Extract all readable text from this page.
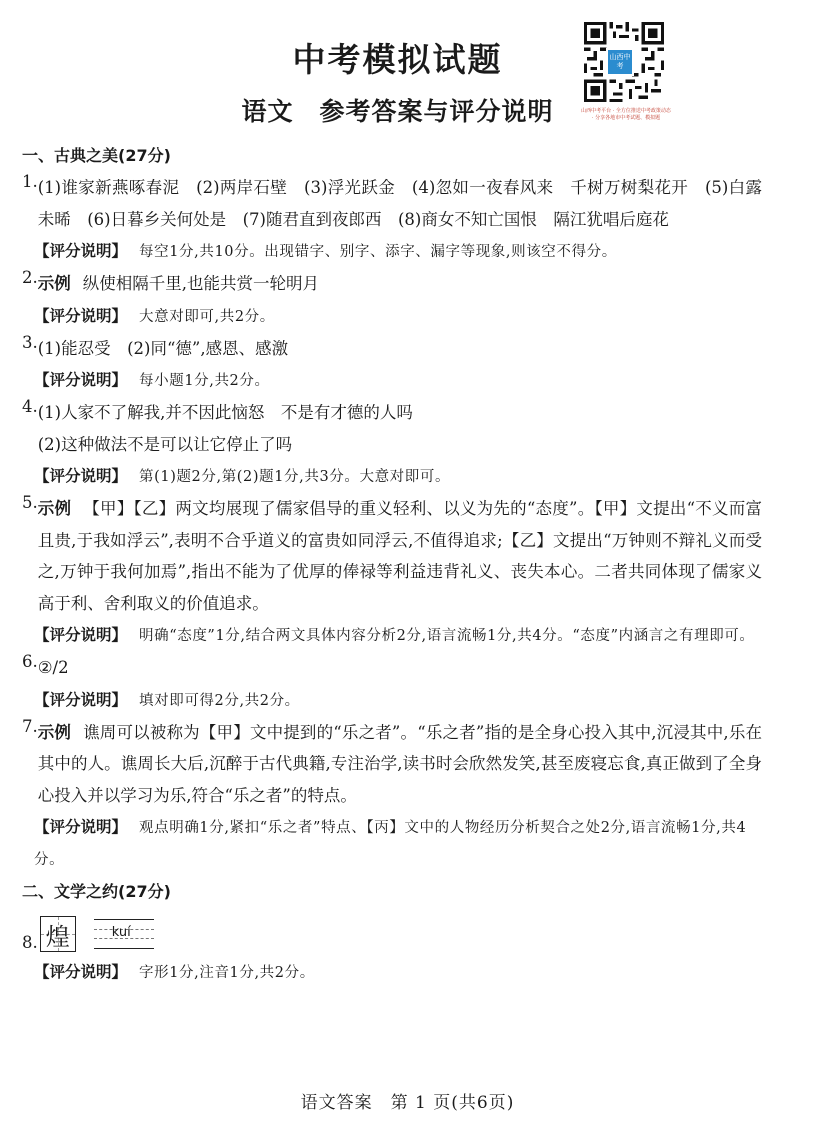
中考模拟试题
语文　参考答案与评分说明
山西中考
山西中考平台 · 全方位推送中考政策动态 · 分享各地市中考试题、模拟题
一、古典之美(27分)
1. (1)谁家新燕啄春泥　(2)两岸石壁　(3)浮光跃金　(4)忽如一夜春风来　千树万树梨花开　(5)白露未晞　(6)日暮乡关何处是　(7)随君直到夜郎西　(8)商女不知亡国恨　隔江犹唱后庭花
【评分说明】 每空1分,共10分。出现错字、别字、添字、漏字等现象,则该空不得分。
2. 示例 纵使相隔千里,也能共赏一轮明月
【评分说明】 大意对即可,共2分。
3. (1)能忍受　(2)同“德”,感恩、感激
【评分说明】 每小题1分,共2分。
4. (1)人家不了解我,并不因此恼怒　不是有才德的人吗
(2)这种做法不是可以让它停止了吗
【评分说明】 第(1)题2分,第(2)题1分,共3分。大意对即可。
5. 示例 【甲】【乙】两文均展现了儒家倡导的重义轻利、以义为先的“态度”。【甲】文提出“不义而富且贵,于我如浮云”,表明不合乎道义的富贵如同浮云,不值得追求;【乙】文提出“万钟则不辩礼义而受之,万钟于我何加焉”,指出不能为了优厚的俸禄等利益违背礼义、丧失本心。二者共同体现了儒家义高于利、舍利取义的价值追求。
【评分说明】 明确“态度”1分,结合两文具体内容分析2分,语言流畅1分,共4分。“态度”内涵言之有理即可。
6. ②/2
【评分说明】 填对即可得2分,共2分。
7. 示例 谯周可以被称为【甲】文中提到的“乐之者”。“乐之者”指的是全身心投入其中,沉浸其中,乐在其中的人。谯周长大后,沉醉于古代典籍,专注治学,读书时会欣然发笑,甚至废寝忘食,真正做到了全身心投入并以学习为乐,符合“乐之者”的特点。
【评分说明】 观点明确1分,紧扣“乐之者”特点、【丙】文中的人物经历分析契合之处2分,语言流畅1分,共4分。
二、文学之约(27分)
8. 煌	kuí
【评分说明】 字形1分,注音1分,共2分。
语文答案　第 1 页(共6页)
